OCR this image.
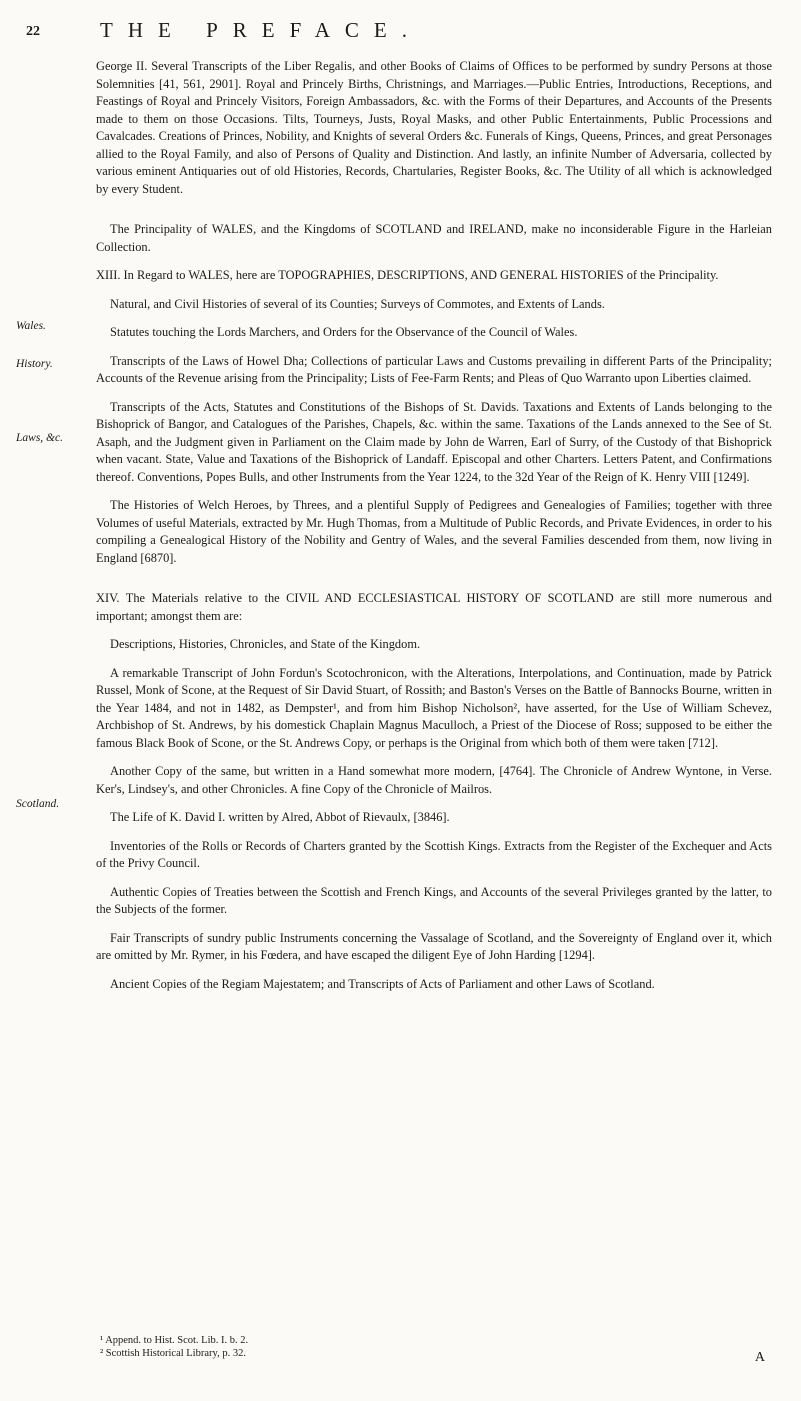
22	THE PREFACE.
Wales.
History.
Laws, &c.
Scotland.

George II. Several Transcripts of the Liber Regalis, and other Books of Claims of Offices to be performed by sundry Persons at those Solemnities [41, 561, 2901]. Royal and Princely Births, Christnings, and Marriages.—Public Entries, Introductions, Receptions, and Feastings of Royal and Princely Visitors, Foreign Ambassadors, &c. with the Forms of their Departures, and Accounts of the Presents made to them on those Occasions. Tilts, Tourneys, Justs, Royal Masks, and other Public Entertainments, Public Processions and Cavalcades. Creations of Princes, Nobility, and Knights of several Orders &c. Funerals of Kings, Queens, Princes, and great Personages allied to the Royal Family, and also of Persons of Quality and Distinction. And lastly, an infinite Number of Adversaria, collected by various eminent Antiquaries out of old Histories, Records, Chartularies, Register Books, &c. The Utility of all which is acknowledged by every Student.

The Principality of WALES, and the Kingdoms of SCOTLAND and IRELAND, make no inconsiderable Figure in the Harleian Collection.

XIII. In Regard to WALES, here are TOPOGRAPHIES, DESCRIPTIONS, AND GENERAL HISTORIES of the Principality.

Natural, and Civil Histories of several of its Counties; Surveys of Commotes, and Extents of Lands.

Statutes touching the Lords Marchers, and Orders for the Observance of the Council of Wales.

Transcripts of the Laws of Howel Dha; Collections of particular Laws and Customs prevailing in different Parts of the Principality; Accounts of the Revenue arising from the Principality; Lists of Fee-Farm Rents; and Pleas of Quo Warranto upon Liberties claimed.

Transcripts of the Acts, Statutes and Constitutions of the Bishops of St. Davids. Taxations and Extents of Lands belonging to the Bishoprick of Bangor, and Catalogues of the Parishes, Chapels, &c. within the same. Taxations of the Lands annexed to the See of St. Asaph, and the Judgment given in Parliament on the Claim made by John de Warren, Earl of Surry, of the Custody of that Bishoprick when vacant. State, Value and Taxations of the Bishoprick of Landaff. Episcopal and other Charters. Letters Patent, and Confirmations thereof. Conventions, Popes Bulls, and other Instruments from the Year 1224, to the 32d Year of the Reign of K. Henry VIII [1249].

The Histories of Welch Heroes, by Threes, and a plentiful Supply of Pedigrees and Genealogies of Families; together with three Volumes of useful Materials, extracted by Mr. Hugh Thomas, from a Multitude of Public Records, and Private Evidences, in order to his compiling a Genealogical History of the Nobility and Gentry of Wales, and the several Families descended from them, now living in England [6870].

XIV. The Materials relative to the CIVIL AND ECCLESIASTICAL HISTORY OF SCOTLAND are still more numerous and important; amongst them are:

Descriptions, Histories, Chronicles, and State of the Kingdom.

A remarkable Transcript of John Fordun's Scotochronicon, with the Alterations, Interpolations, and Continuation, made by Patrick Russel, Monk of Scone, at the Request of Sir David Stuart, of Rossith; and Baston's Verses on the Battle of Bannocks Bourne, written in the Year 1484, and not in 1482, as Dempster¹, and from him Bishop Nicholson², have asserted, for the Use of William Schevez, Archbishop of St. Andrews, by his domestick Chaplain Magnus Maculloch, a Priest of the Diocese of Ross; supposed to be either the famous Black Book of Scone, or the St. Andrews Copy, or perhaps is the Original from which both of them were taken [712].

Another Copy of the same, but written in a Hand somewhat more modern, [4764]. The Chronicle of Andrew Wyntone, in Verse. Ker's, Lindsey's, and other Chronicles. A fine Copy of the Chronicle of Mailros.

The Life of K. David I. written by Alred, Abbot of Rievaulx, [3846].

Inventories of the Rolls or Records of Charters granted by the Scottish Kings. Extracts from the Register of the Exchequer and Acts of the Privy Council.

Authentic Copies of Treaties between the Scottish and French Kings, and Accounts of the several Privileges granted by the latter, to the Subjects of the former.

Fair Transcripts of sundry public Instruments concerning the Vassalage of Scotland, and the Sovereignty of England over it, which are omitted by Mr. Rymer, in his Fœdera, and have escaped the diligent Eye of John Harding [1294].

Ancient Copies of the Regiam Majestatem; and Transcripts of Acts of Parliament and other Laws of Scotland.

¹ Append. to Hist. Scot. Lib. I. b. 2.
² Scottish Historical Library, p. 32.	A
